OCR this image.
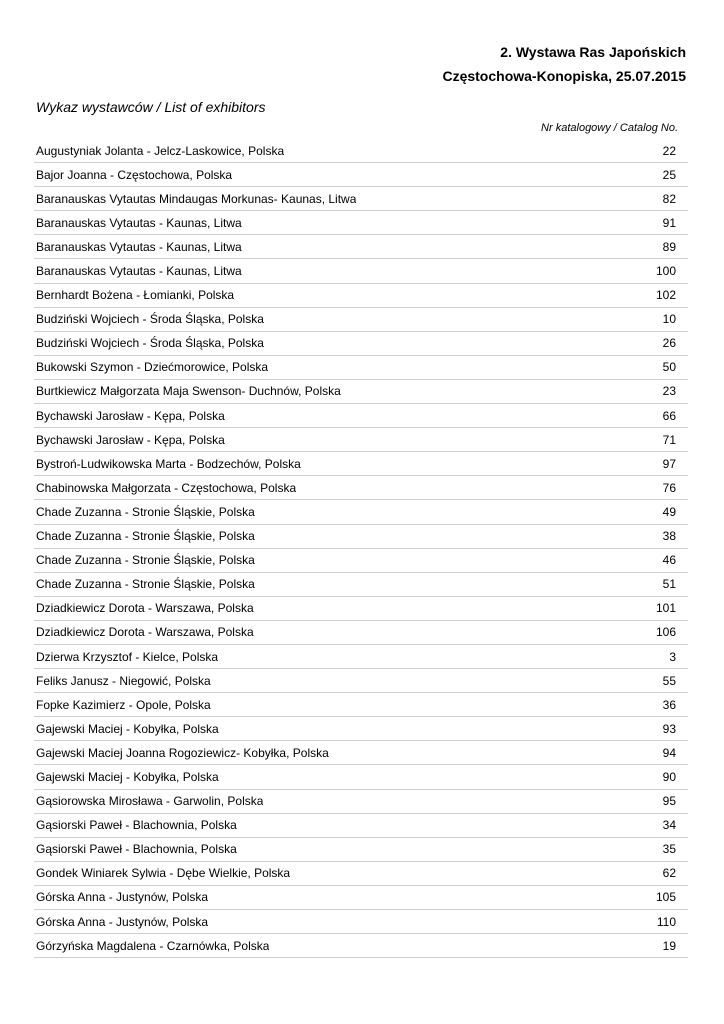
2. Wystawa Ras Japońskich
Częstochowa-Konopiska, 25.07.2015
Wykaz wystawców / List of exhibitors
Nr katalogowy / Catalog No.
Augustyniak Jolanta - Jelcz-Laskowice, Polska	22
Bajor Joanna - Częstochowa, Polska	25
Baranauskas Vytautas Mindaugas Morkunas- Kaunas, Litwa	82
Baranauskas Vytautas - Kaunas, Litwa	91
Baranauskas Vytautas - Kaunas, Litwa	89
Baranauskas Vytautas - Kaunas, Litwa	100
Bernhardt Bożena - Łomianki, Polska	102
Budziński Wojciech - Środa Śląska, Polska	10
Budziński Wojciech - Środa Śląska, Polska	26
Bukowski Szymon - Dziećmorowice, Polska	50
Burtkiewicz Małgorzata Maja Swenson- Duchnów, Polska	23
Bychawski Jarosław - Kępa, Polska	66
Bychawski Jarosław - Kępa, Polska	71
Bystroń-Ludwikowska Marta - Bodzechów, Polska	97
Chabinowska Małgorzata - Częstochowa, Polska	76
Chade Zuzanna - Stronie Śląskie, Polska	49
Chade Zuzanna - Stronie Śląskie, Polska	38
Chade Zuzanna - Stronie Śląskie, Polska	46
Chade Zuzanna - Stronie Śląskie, Polska	51
Dziadkiewicz Dorota - Warszawa, Polska	101
Dziadkiewicz Dorota - Warszawa, Polska	106
Dzierwa Krzysztof - Kielce, Polska	3
Feliks Janusz - Niegowić, Polska	55
Fopke Kazimierz - Opole, Polska	36
Gajewski Maciej - Kobyłka, Polska	93
Gajewski Maciej Joanna Rogoziewicz- Kobyłka, Polska	94
Gajewski Maciej - Kobyłka, Polska	90
Gąsiorowska Mirosława - Garwolin, Polska	95
Gąsiorski Paweł - Blachownia, Polska	34
Gąsiorski Paweł - Blachownia, Polska	35
Gondek Winiarek Sylwia - Dębe Wielkie, Polska	62
Górska Anna - Justynów, Polska	105
Górska Anna - Justynów, Polska	110
Górzyńska Magdalena - Czarnówka, Polska	19
